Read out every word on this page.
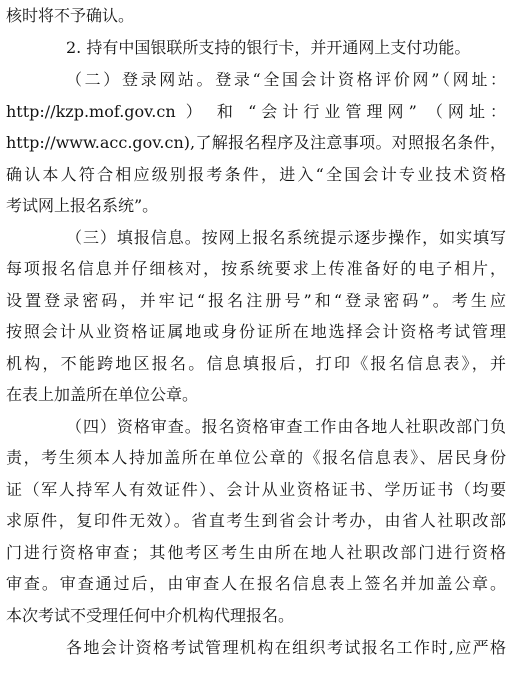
核时将不予确认。
2. 持有中国银联所支持的银行卡，并开通网上支付功能。
（二）登录网站。登录“全国会计资格评价网”（网址：
http://kzp.mof.gov.cn ） 和 “会计行业管理网” （网址：
http://www.acc.gov.cn),了解报名程序及注意事项。对照报名条件，
确认本人符合相应级别报考条件，进入“全国会计专业技术资格
考试网上报名系统”。
（三）填报信息。按网上报名系统提示逐步操作，如实填写
每项报名信息并仔细核对，按系统要求上传准备好的电子相片，
设置登录密码，并牢记“报名注册号”和“登录密码”。考生应
按照会计从业资格证属地或身份证所在地选择会计资格考试管理
机构，不能跨地区报名。信息填报后，打印《报名信息表》，并
在表上加盖所在单位公章。
（四）资格审查。报名资格审查工作由各地人社职改部门负
责，考生须本人持加盖所在单位公章的《报名信息表》、居民身份
证（军人持军人有效证件）、会计从业资格证书、学历证书（均要
求原件，复印件无效）。省直考生到省会计考办，由省人社职改部
门进行资格审查；其他考区考生由所在地人社职改部门进行资格
审查。审查通过后，由审查人在报名信息表上签名并加盖公章。
本次考试不受理任何中介机构代理报名。
各地会计资格考试管理机构在组织考试报名工作时,应严格
